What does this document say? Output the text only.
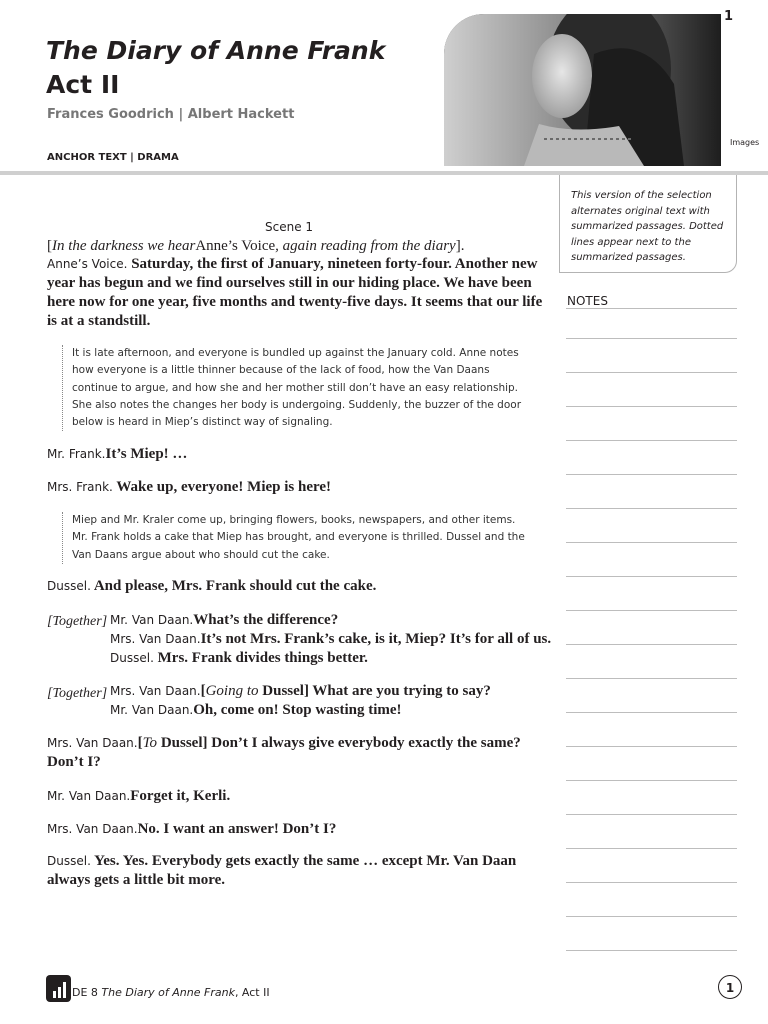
The Diary of Anne Frank
Act II
Frances Goodrich | Albert Hackett
ANCHOR TEXT | DRAMA
1
Images
This version of the selection alternates original text with summarized passages. Dotted lines appear next to the summarized passages.
NOTES
Scene 1
[In the darkness we hearAnne’s Voice, again reading from the diary].
Anne’s Voice. Saturday, the first of January, nineteen forty-four. Another new year has begun and we find ourselves still in our hiding place. We have been here now for one year, five months and twenty-five days. It seems that our life is at a standstill.
It is late afternoon, and everyone is bundled up against the January cold. Anne notes how everyone is a little thinner because of the lack of food, how the Van Daans continue to argue, and how she and her mother still don’t have an easy relationship. She also notes the changes her body is undergoing. Suddenly, the buzzer of the door below is heard in Miep’s distinct way of signaling.
Mr. Frank.It’s Miep! …
Mrs. Frank. Wake up, everyone! Miep is here!
Miep and Mr. Kraler come up, bringing flowers, books, newspapers, and other items. Mr. Frank holds a cake that Miep has brought, and everyone is thrilled. Dussel and the Van Daans argue about who should cut the cake.
Dussel. And please, Mrs. Frank should cut the cake.
[Together] Mr. Van Daan.What’s the difference?
Mrs. Van Daan.It’s not Mrs. Frank’s cake, is it, Miep? It’s for all of us.
Dussel. Mrs. Frank divides things better.
[Together] Mrs. Van Daan.[Going to Dussel] What are you trying to say?
Mr. Van Daan.Oh, come on! Stop wasting time!
Mrs. Van Daan.[To Dussel] Don’t I always give everybody exactly the same? Don’t I?
Mr. Van Daan.Forget it, Kerli.
Mrs. Van Daan.No. I want an answer! Don’t I?
Dussel. Yes. Yes. Everybody gets exactly the same … except Mr. Van Daan always gets a little bit more.
DE 8 The Diary of Anne Frank, Act II	1
